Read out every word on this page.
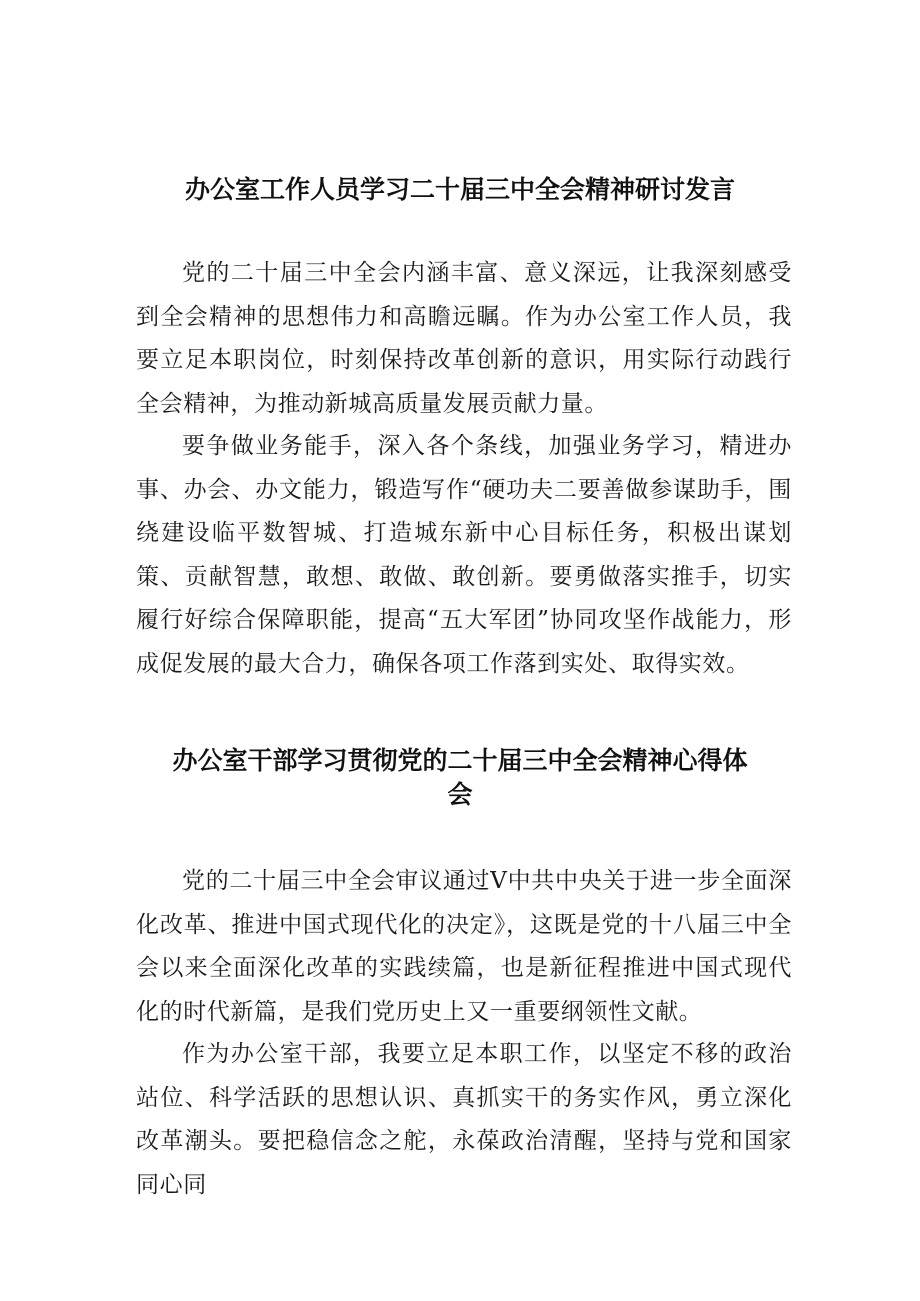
办公室工作人员学习二十届三中全会精神研讨发言

党的二十届三中全会内涵丰富、意义深远，让我深刻感受到全会精神的思想伟力和高瞻远瞩。作为办公室工作人员，我要立足本职岗位，时刻保持改革创新的意识，用实际行动践行全会精神，为推动新城高质量发展贡献力量。

要争做业务能手，深入各个条线，加强业务学习，精进办事、办会、办文能力，锻造写作“硬功夫二要善做参谋助手，围绕建设临平数智城、打造城东新中心目标任务，积极出谋划策、贡献智慧，敢想、敢做、敢创新。要勇做落实推手，切实履行好综合保障职能，提高“五大军团”协同攻坚作战能力，形成促发展的最大合力，确保各项工作落到实处、取得实效。

办公室干部学习贯彻党的二十届三中全会精神心得体
会

党的二十届三中全会审议通过V中共中央关于进一步全面深化改革、推进中国式现代化的决定》，这既是党的十八届三中全会以来全面深化改革的实践续篇，也是新征程推进中国式现代化的时代新篇，是我们党历史上又一重要纲领性文献。

作为办公室干部，我要立足本职工作，以坚定不移的政治站位、科学活跃的思想认识、真抓实干的务实作风，勇立深化改革潮头。要把稳信念之舵，永葆政治清醒，坚持与党和国家同心同
